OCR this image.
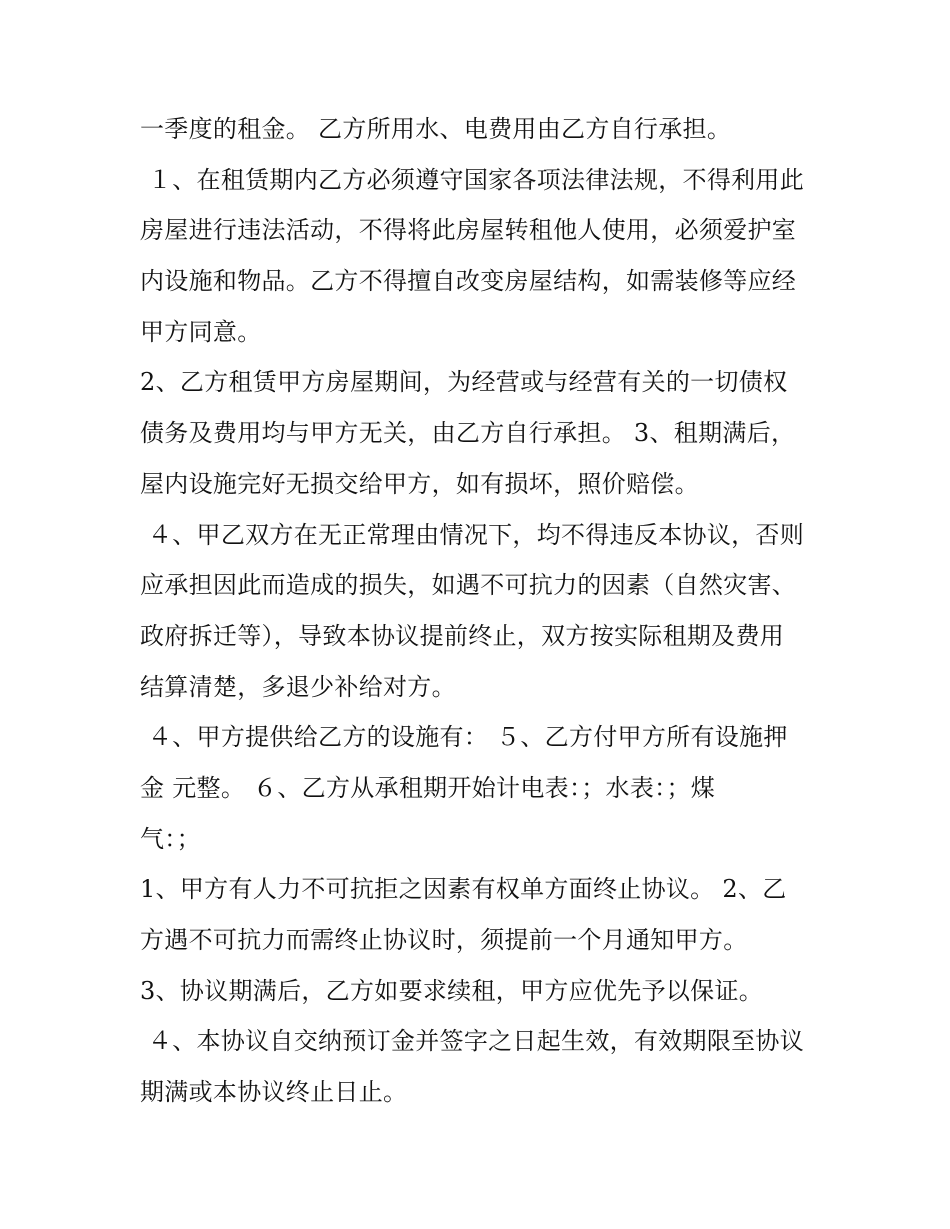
一季度的租金。 乙方所用水、电费用由乙方自行承担。
１、在租赁期内乙方必须遵守国家各项法律法规，不得利用此
房屋进行违法活动，不得将此房屋转租他人使用，必须爱护室
内设施和物品。乙方不得擅自改变房屋结构，如需装修等应经
甲方同意。
2、乙方租赁甲方房屋期间，为经营或与经营有关的一切债权
债务及费用均与甲方无关，由乙方自行承担。 3、租期满后，
屋内设施完好无损交给甲方，如有损坏，照价赔偿。
４、甲乙双方在无正常理由情况下，均不得违反本协议，否则
应承担因此而造成的损失，如遇不可抗力的因素（自然灾害、
政府拆迁等），导致本协议提前终止，双方按实际租期及费用
结算清楚，多退少补给对方。
４、甲方提供给乙方的设施有： ５、乙方付甲方所有设施押
金 元整。 ６、乙方从承租期开始计电表：；水表：；煤
气：；
1、甲方有人力不可抗拒之因素有权单方面终止协议。 2、乙
方遇不可抗力而需终止协议时，须提前一个月通知甲方。
3、协议期满后，乙方如要求续租，甲方应优先予以保证。
４、本协议自交纳预订金并签字之日起生效，有效期限至协议
期满或本协议终止日止。
